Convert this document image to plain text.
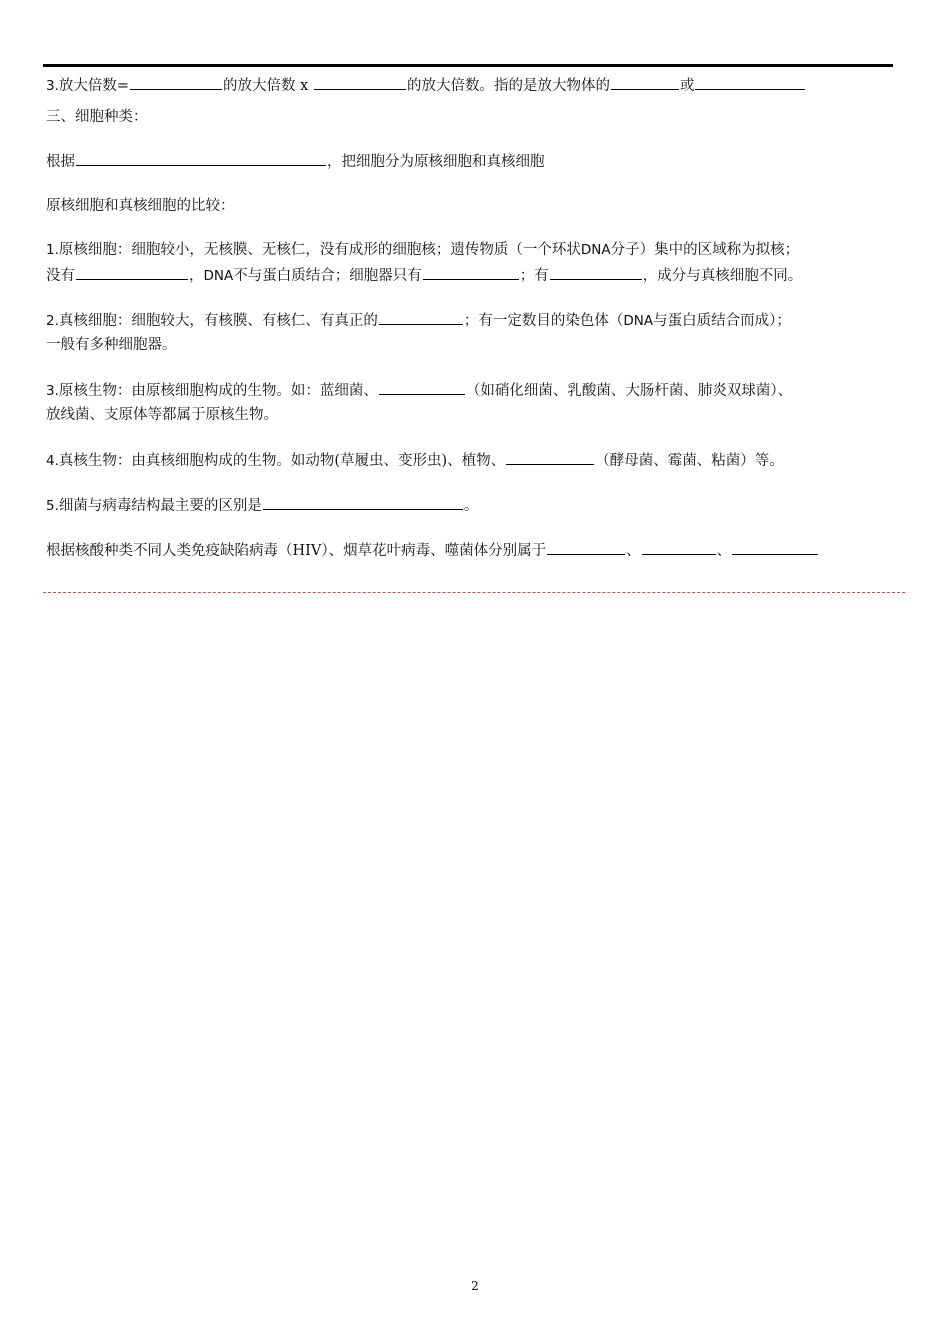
3.放大倍数=	的放大倍数 x	的放大倍数。指的是放大物体的	或
三、细胞种类：
根据	，把细胞分为原核细胞和真核细胞
原核细胞和真核细胞的比较：
1.原核细胞：细胞较小，无核膜、无核仁，没有成形的细胞核；遗传物质（一个环状DNA分子）集中的区域称为拟核；
没有	，DNA不与蛋白质结合；细胞器只有	；有	，成分与真核细胞不同。
2.真核细胞：细胞较大，有核膜、有核仁、有真正的	；有一定数目的染色体（DNA与蛋白质结合而成）；
一般有多种细胞器。
3.原核生物：由原核细胞构成的生物。如：蓝细菌、	（如硝化细菌、乳酸菌、大肠杆菌、肺炎双球菌）、
放线菌、支原体等都属于原核生物。
4.真核生物：由真核细胞构成的生物。如动物(草履虫、变形虫)、植物、	（酵母菌、霉菌、粘菌）等。
5.细菌与病毒结构最主要的区别是	。
根据核酸种类不同人类免疫缺陷病毒（HIV）、烟草花叶病毒、噬菌体分别属于	、	、
2
